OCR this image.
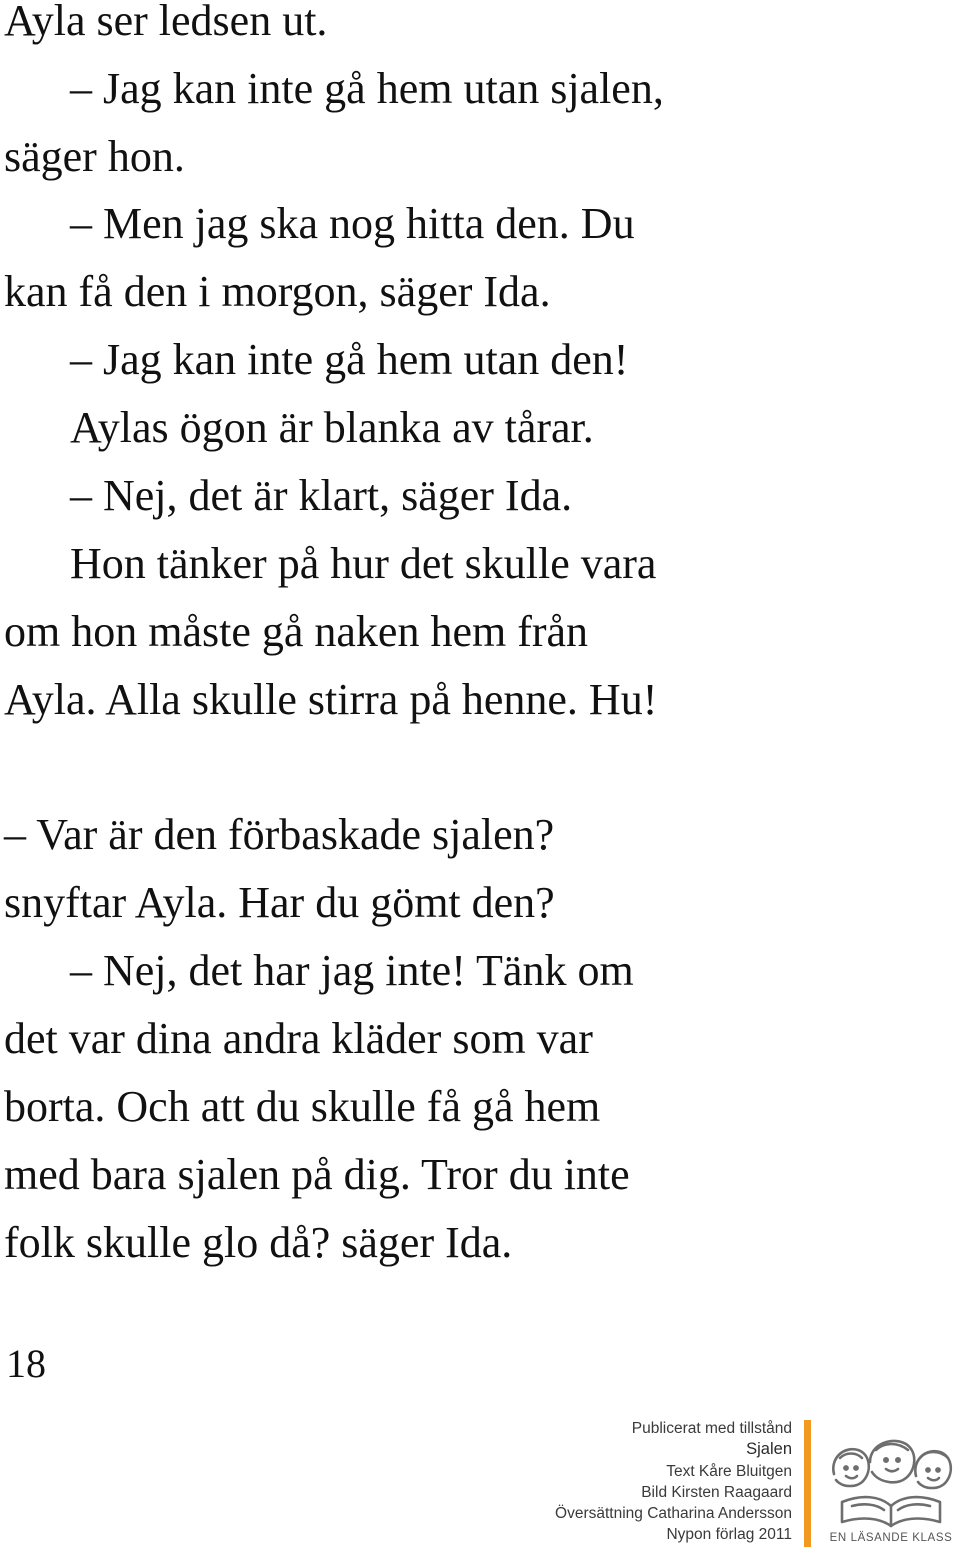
Ayla ser ledsen ut.
– Jag kan inte gå hem utan sjalen,
säger hon.
– Men jag ska nog hitta den. Du
kan få den i morgon, säger Ida.
– Jag kan inte gå hem utan den!
Aylas ögon är blanka av tårar.
– Nej, det är klart, säger Ida.
Hon tänker på hur det skulle vara
om hon måste gå naken hem från
Ayla. Alla skulle stirra på henne. Hu!
– Var är den förbaskade sjalen?
snyftar Ayla. Har du gömt den?
– Nej, det har jag inte! Tänk om
det var dina andra kläder som var
borta. Och att du skulle få gå hem
med bara sjalen på dig. Tror du inte
folk skulle glo då? säger Ida.
18
Publicerat med tillstånd
Sjalen
Text Kåre Bluitgen
Bild Kirsten Raagaard
Översättning Catharina Andersson
Nypon förlag 2011	EN LÄSANDE KLASS
